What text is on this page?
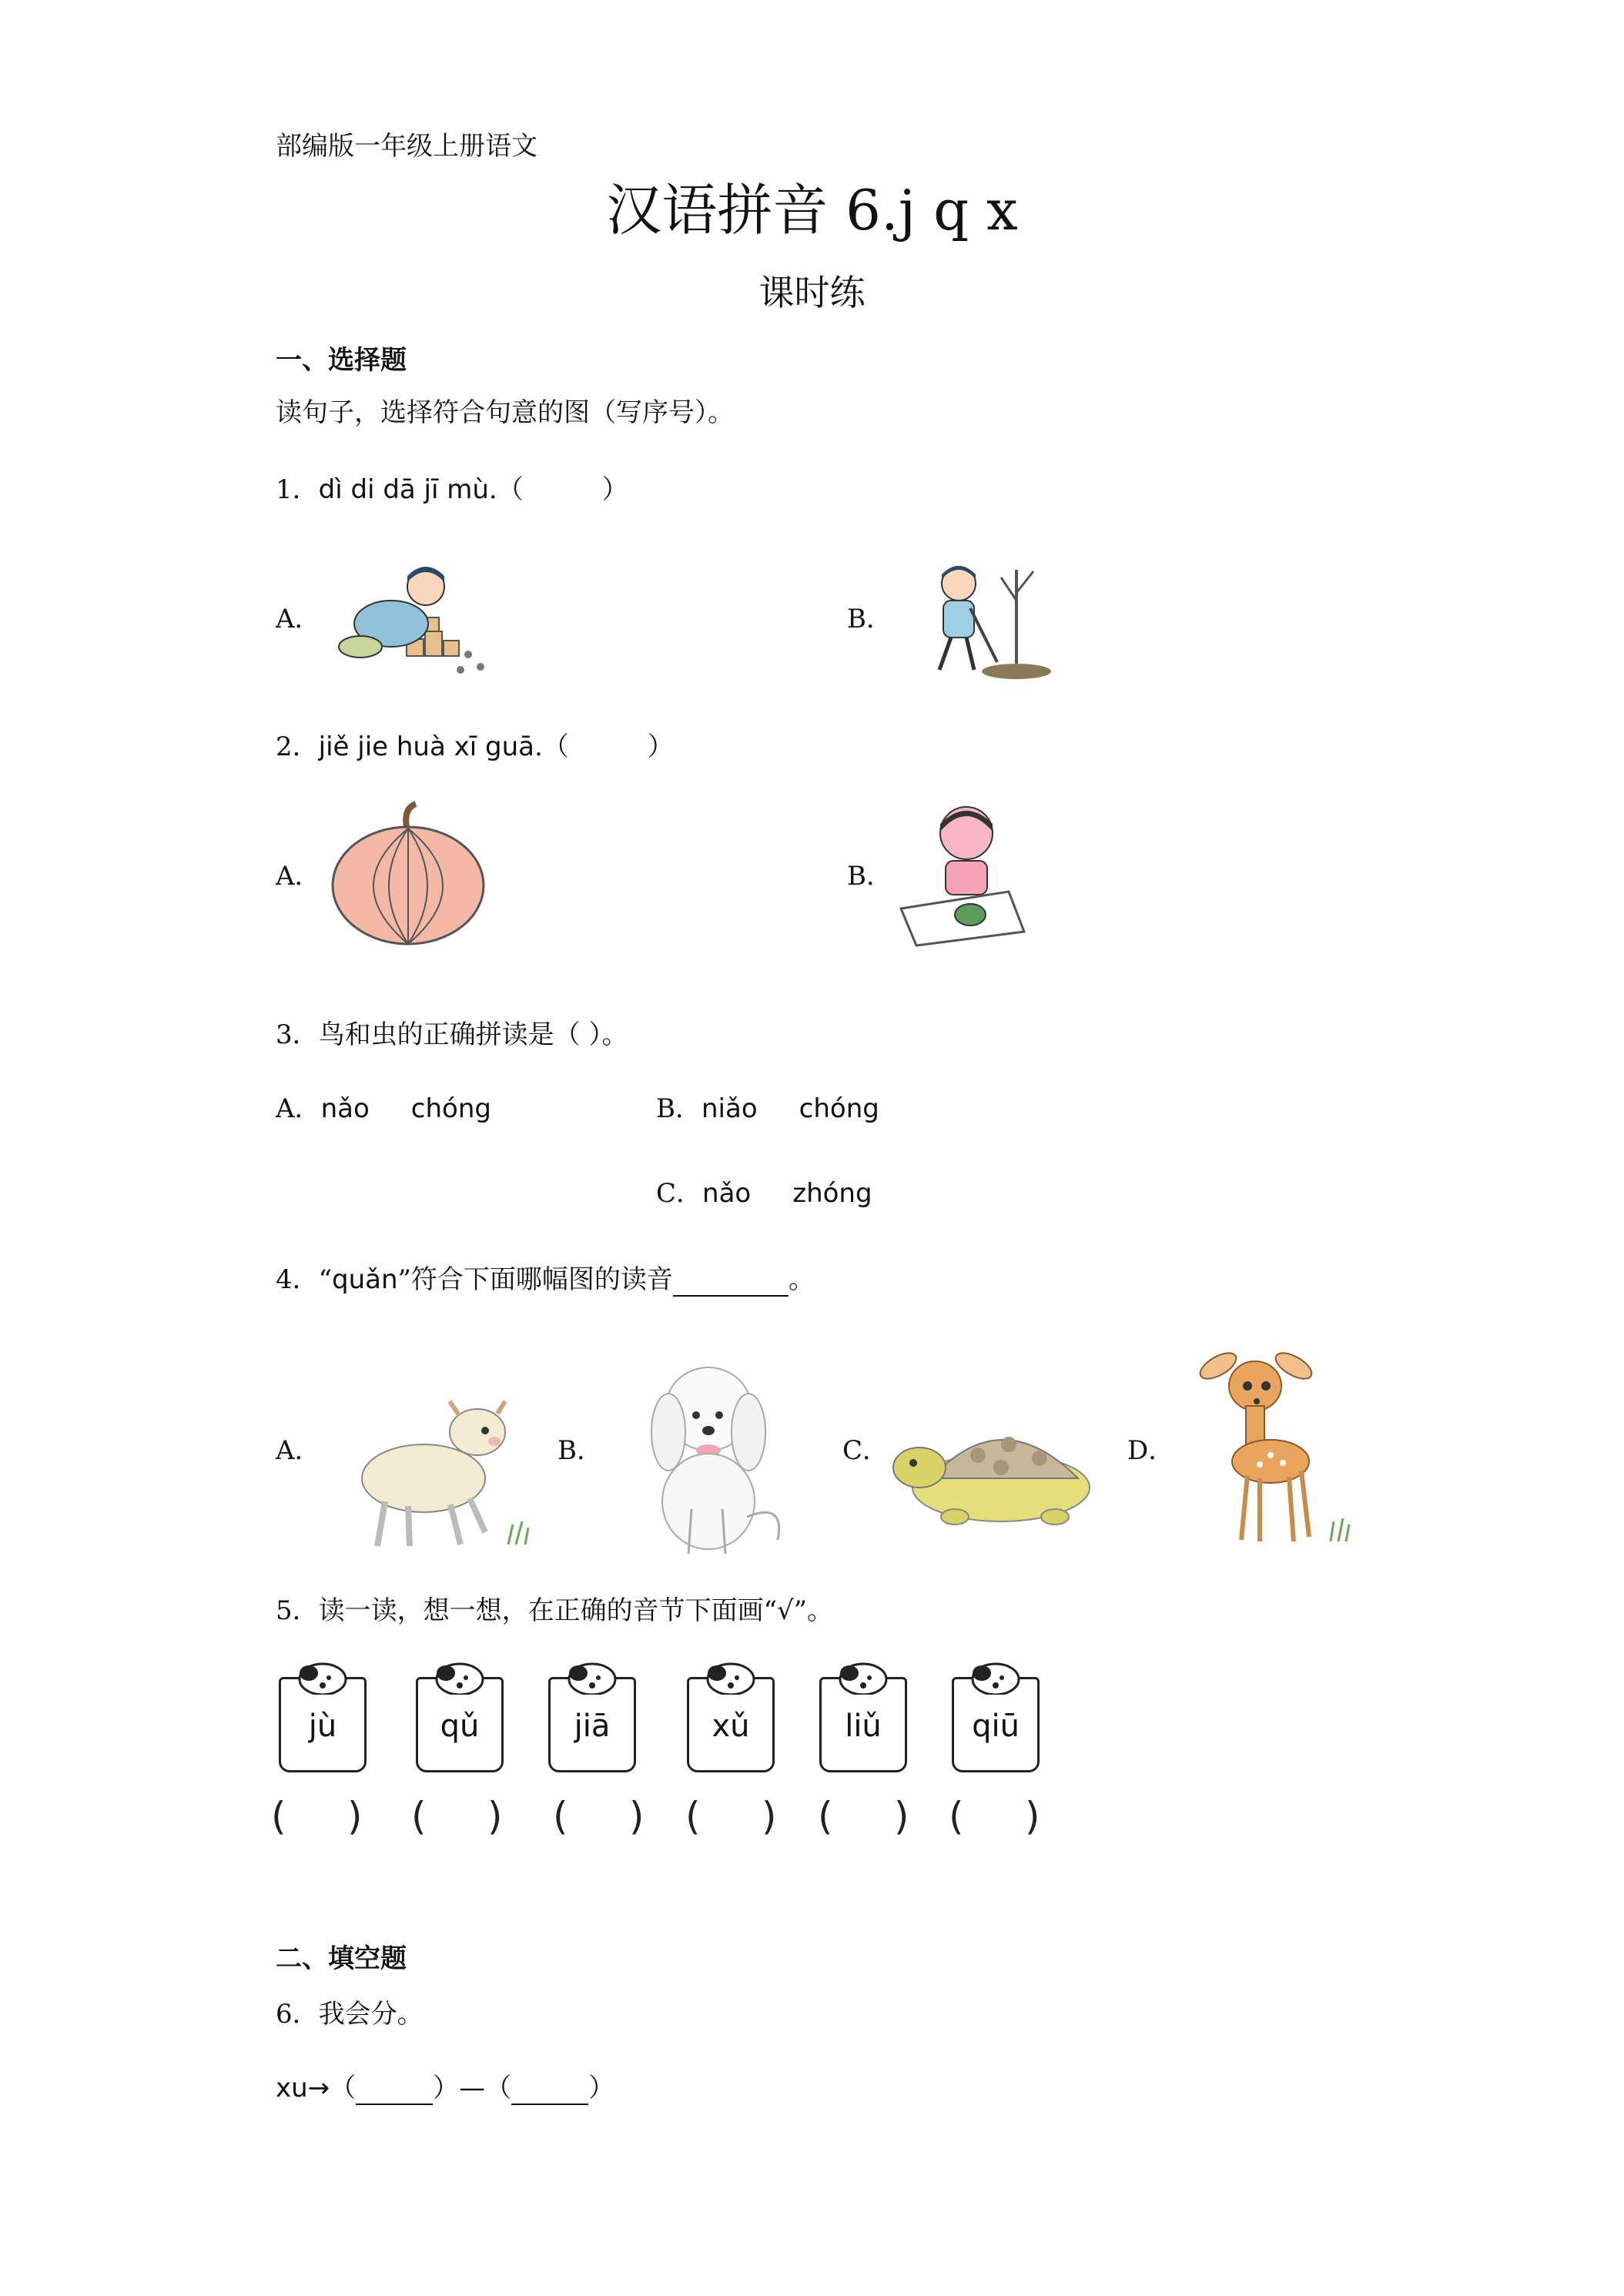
部编版一年级上册语文
汉语拼音 6.j q x
课时练
一、选择题
读句子，选择符合句意的图（写序号）。
1．dì di dā jī mù.（　　　）
A．	B．
2．jiě jie huà xī guā.（　　　）
A．	B．
3．鸟和虫的正确拼读是（ ）。
A．nǎo     chóng	B．niǎo     chóng
C．nǎo     zhóng
4．“quǎn”符合下面哪幅图的读音	。
A．	B．	C．	D．
5．读一读，想一想，在正确的音节下面画“√”。
jù	qǔ	jiā	xǔ	liǔ	qiū
(     ) (     ) (     ) (     ) (     ) (     )
二、填空题
6．我会分。
xu→（	）—（	）
